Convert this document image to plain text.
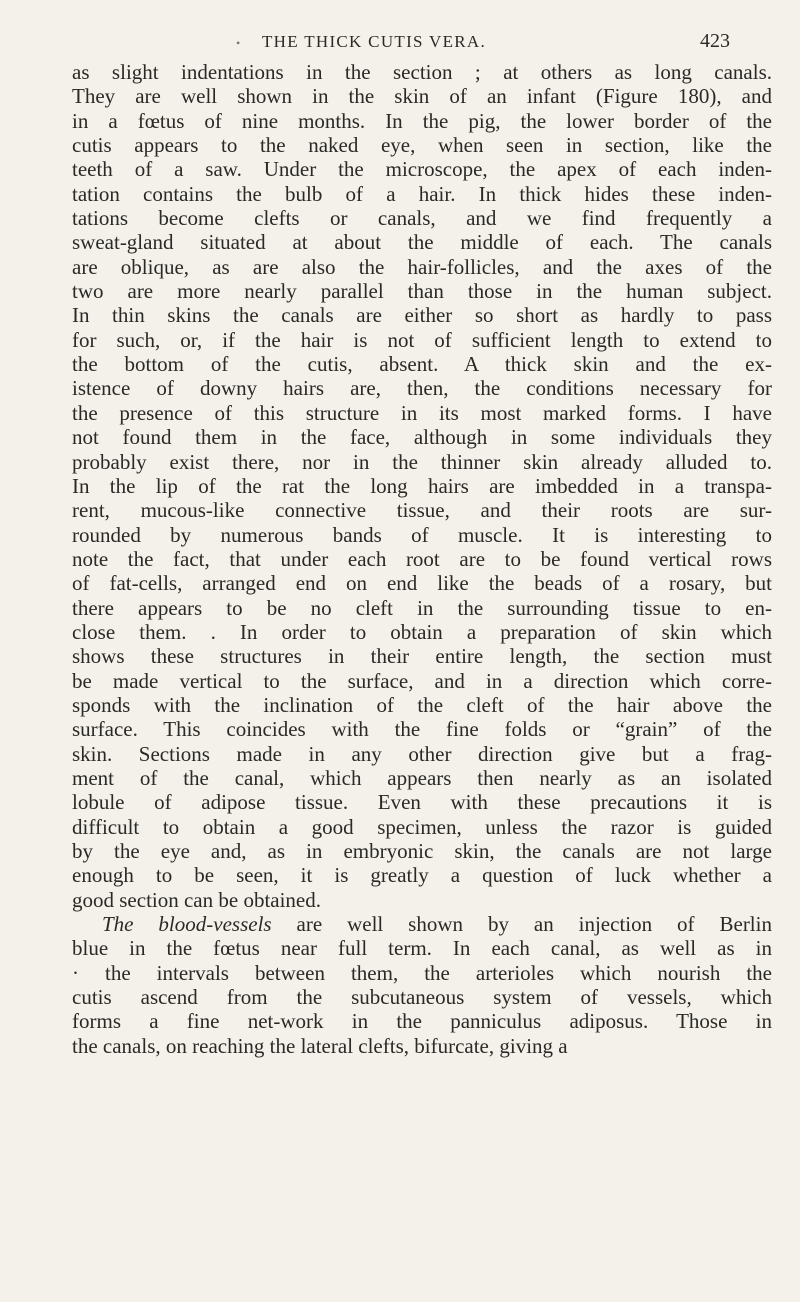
• THE THICK CUTIS VERA.	423
as slight indentations in the section ; at others as long canals.
They are well shown in the skin of an infant (Figure 180), and
in a fœtus of nine months. In the pig, the lower border of the
cutis appears to the naked eye, when seen in section, like the
teeth of a saw. Under the microscope, the apex of each inden-
tation contains the bulb of a hair. In thick hides these inden-
tations become clefts or canals, and we find frequently a
sweat-gland situated at about the middle of each. The canals
are oblique, as are also the hair-follicles, and the axes of the
two are more nearly parallel than those in the human subject.
In thin skins the canals are either so short as hardly to pass
for such, or, if the hair is not of sufficient length to extend to
the bottom of the cutis, absent. A thick skin and the ex-
istence of downy hairs are, then, the conditions necessary for
the presence of this structure in its most marked forms. I have
not found them in the face, although in some individuals they
probably exist there, nor in the thinner skin already alluded to.
In the lip of the rat the long hairs are imbedded in a transpa-
rent, mucous-like connective tissue, and their roots are sur-
rounded by numerous bands of muscle. It is interesting to
note the fact, that under each root are to be found vertical rows
of fat-cells, arranged end on end like the beads of a rosary, but
there appears to be no cleft in the surrounding tissue to en-
close them. . In order to obtain a preparation of skin which
shows these structures in their entire length, the section must
be made vertical to the surface, and in a direction which corre-
sponds with the inclination of the cleft of the hair above the
surface. This coincides with the fine folds or “grain” of the
skin. Sections made in any other direction give but a frag-
ment of the canal, which appears then nearly as an isolated
lobule of adipose tissue. Even with these precautions it is
difficult to obtain a good specimen, unless the razor is guided
by the eye and, as in embryonic skin, the canals are not large
enough to be seen, it is greatly a question of luck whether a
good section can be obtained.
The blood-vessels are well shown by an injection of Berlin
blue in the fœtus near full term. In each canal, as well as in
· the intervals between them, the arterioles which nourish the
cutis ascend from the subcutaneous system of vessels, which
forms a fine net-work in the panniculus adiposus. Those in
the canals, on reaching the lateral clefts, bifurcate, giving a
